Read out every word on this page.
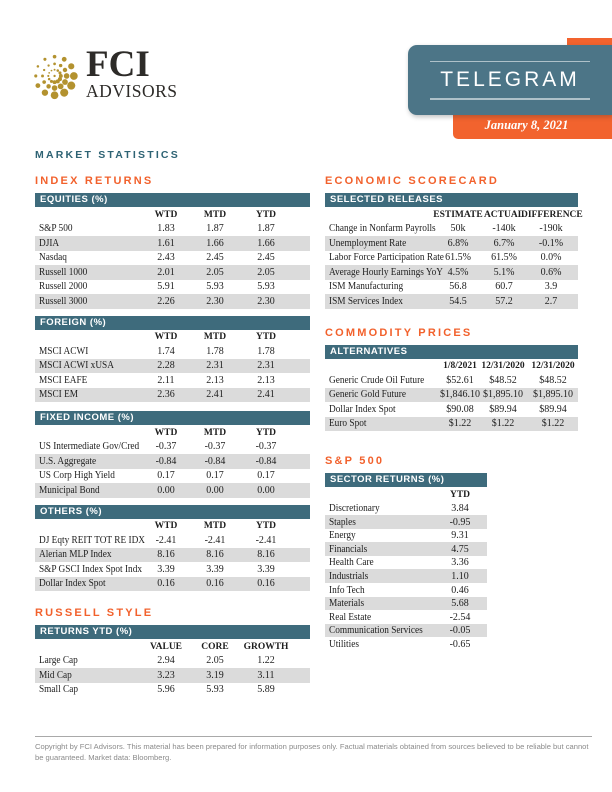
FCI
ADVISORS	TELEGRAM
January 8, 2021
MARKET STATISTICS
INDEX RETURNS
EQUITIES (%)
WTD	MTD	YTD
S&P 500	1.83	1.87	1.87
DJIA	1.61	1.66	1.66
Nasdaq	2.43	2.45	2.45
Russell 1000	2.01	2.05	2.05
Russell 2000	5.91	5.93	5.93
Russell 3000	2.26	2.30	2.30
FOREIGN (%)
WTD	MTD	YTD
MSCI ACWI	1.74	1.78	1.78
MSCI ACWI xUSA	2.28	2.31	2.31
MSCI EAFE	2.11	2.13	2.13
MSCI EM	2.36	2.41	2.41
FIXED INCOME (%)
WTD	MTD	YTD
US Intermediate Gov/Cred	-0.37	-0.37	-0.37
U.S. Aggregate	-0.84	-0.84	-0.84
US Corp High Yield	0.17	0.17	0.17
Municipal Bond	0.00	0.00	0.00
OTHERS (%)
WTD	MTD	YTD
DJ Eqty REIT TOT RE IDX	-2.41	-2.41	-2.41
Alerian MLP Index	8.16	8.16	8.16
S&P GSCI Index Spot Indx	3.39	3.39	3.39
Dollar Index Spot	0.16	0.16	0.16
RUSSELL STYLE
RETURNS YTD (%)
VALUE	CORE	GROWTH
Large Cap	2.94	2.05	1.22
Mid Cap	3.23	3.19	3.11
Small Cap	5.96	5.93	5.89
ECONOMIC SCORECARD
SELECTED RELEASES
ESTIMATE ACTUAL
DIFFERENCE
Change in Nonfarm Payrolls	50k	-140k	-190k
Unemployment Rate	6.8%	6.7%	-0.1%
Labor Force Participation Rate 61.5%	61.5%	0.0%
Average Hourly Earnings YoY 4.5%	5.1%	0.6%
ISM Manufacturing	56.8	60.7	3.9
ISM Services Index	54.5	57.2	2.7
COMMODITY PRICES
ALTERNATIVES
1/8/2021 12/31/2020 12/31/2020
Generic Crude Oil Future	$52.61	$48.52	$48.52
Generic Gold Future	$1,846.10 $1,895.10	$1,895.10
Dollar Index Spot	$90.08	$89.94	$89.94
Euro Spot	$1.22	$1.22	$1.22
S&P 500
SECTOR RETURNS (%)
YTD
Discretionary	3.84
Staples	-0.95
Energy	9.31
Financials	4.75
Health Care	3.36
Industrials	1.10
Info Tech	0.46
Materials	5.68
Real Estate	-2.54
Communication Services	-0.05
Utilities	-0.65
Copyright by FCI Advisors. This material has been prepared for information purposes only. Factual materials obtained from sources believed to be reliable but cannot be guaranteed. Market data: Bloomberg.
